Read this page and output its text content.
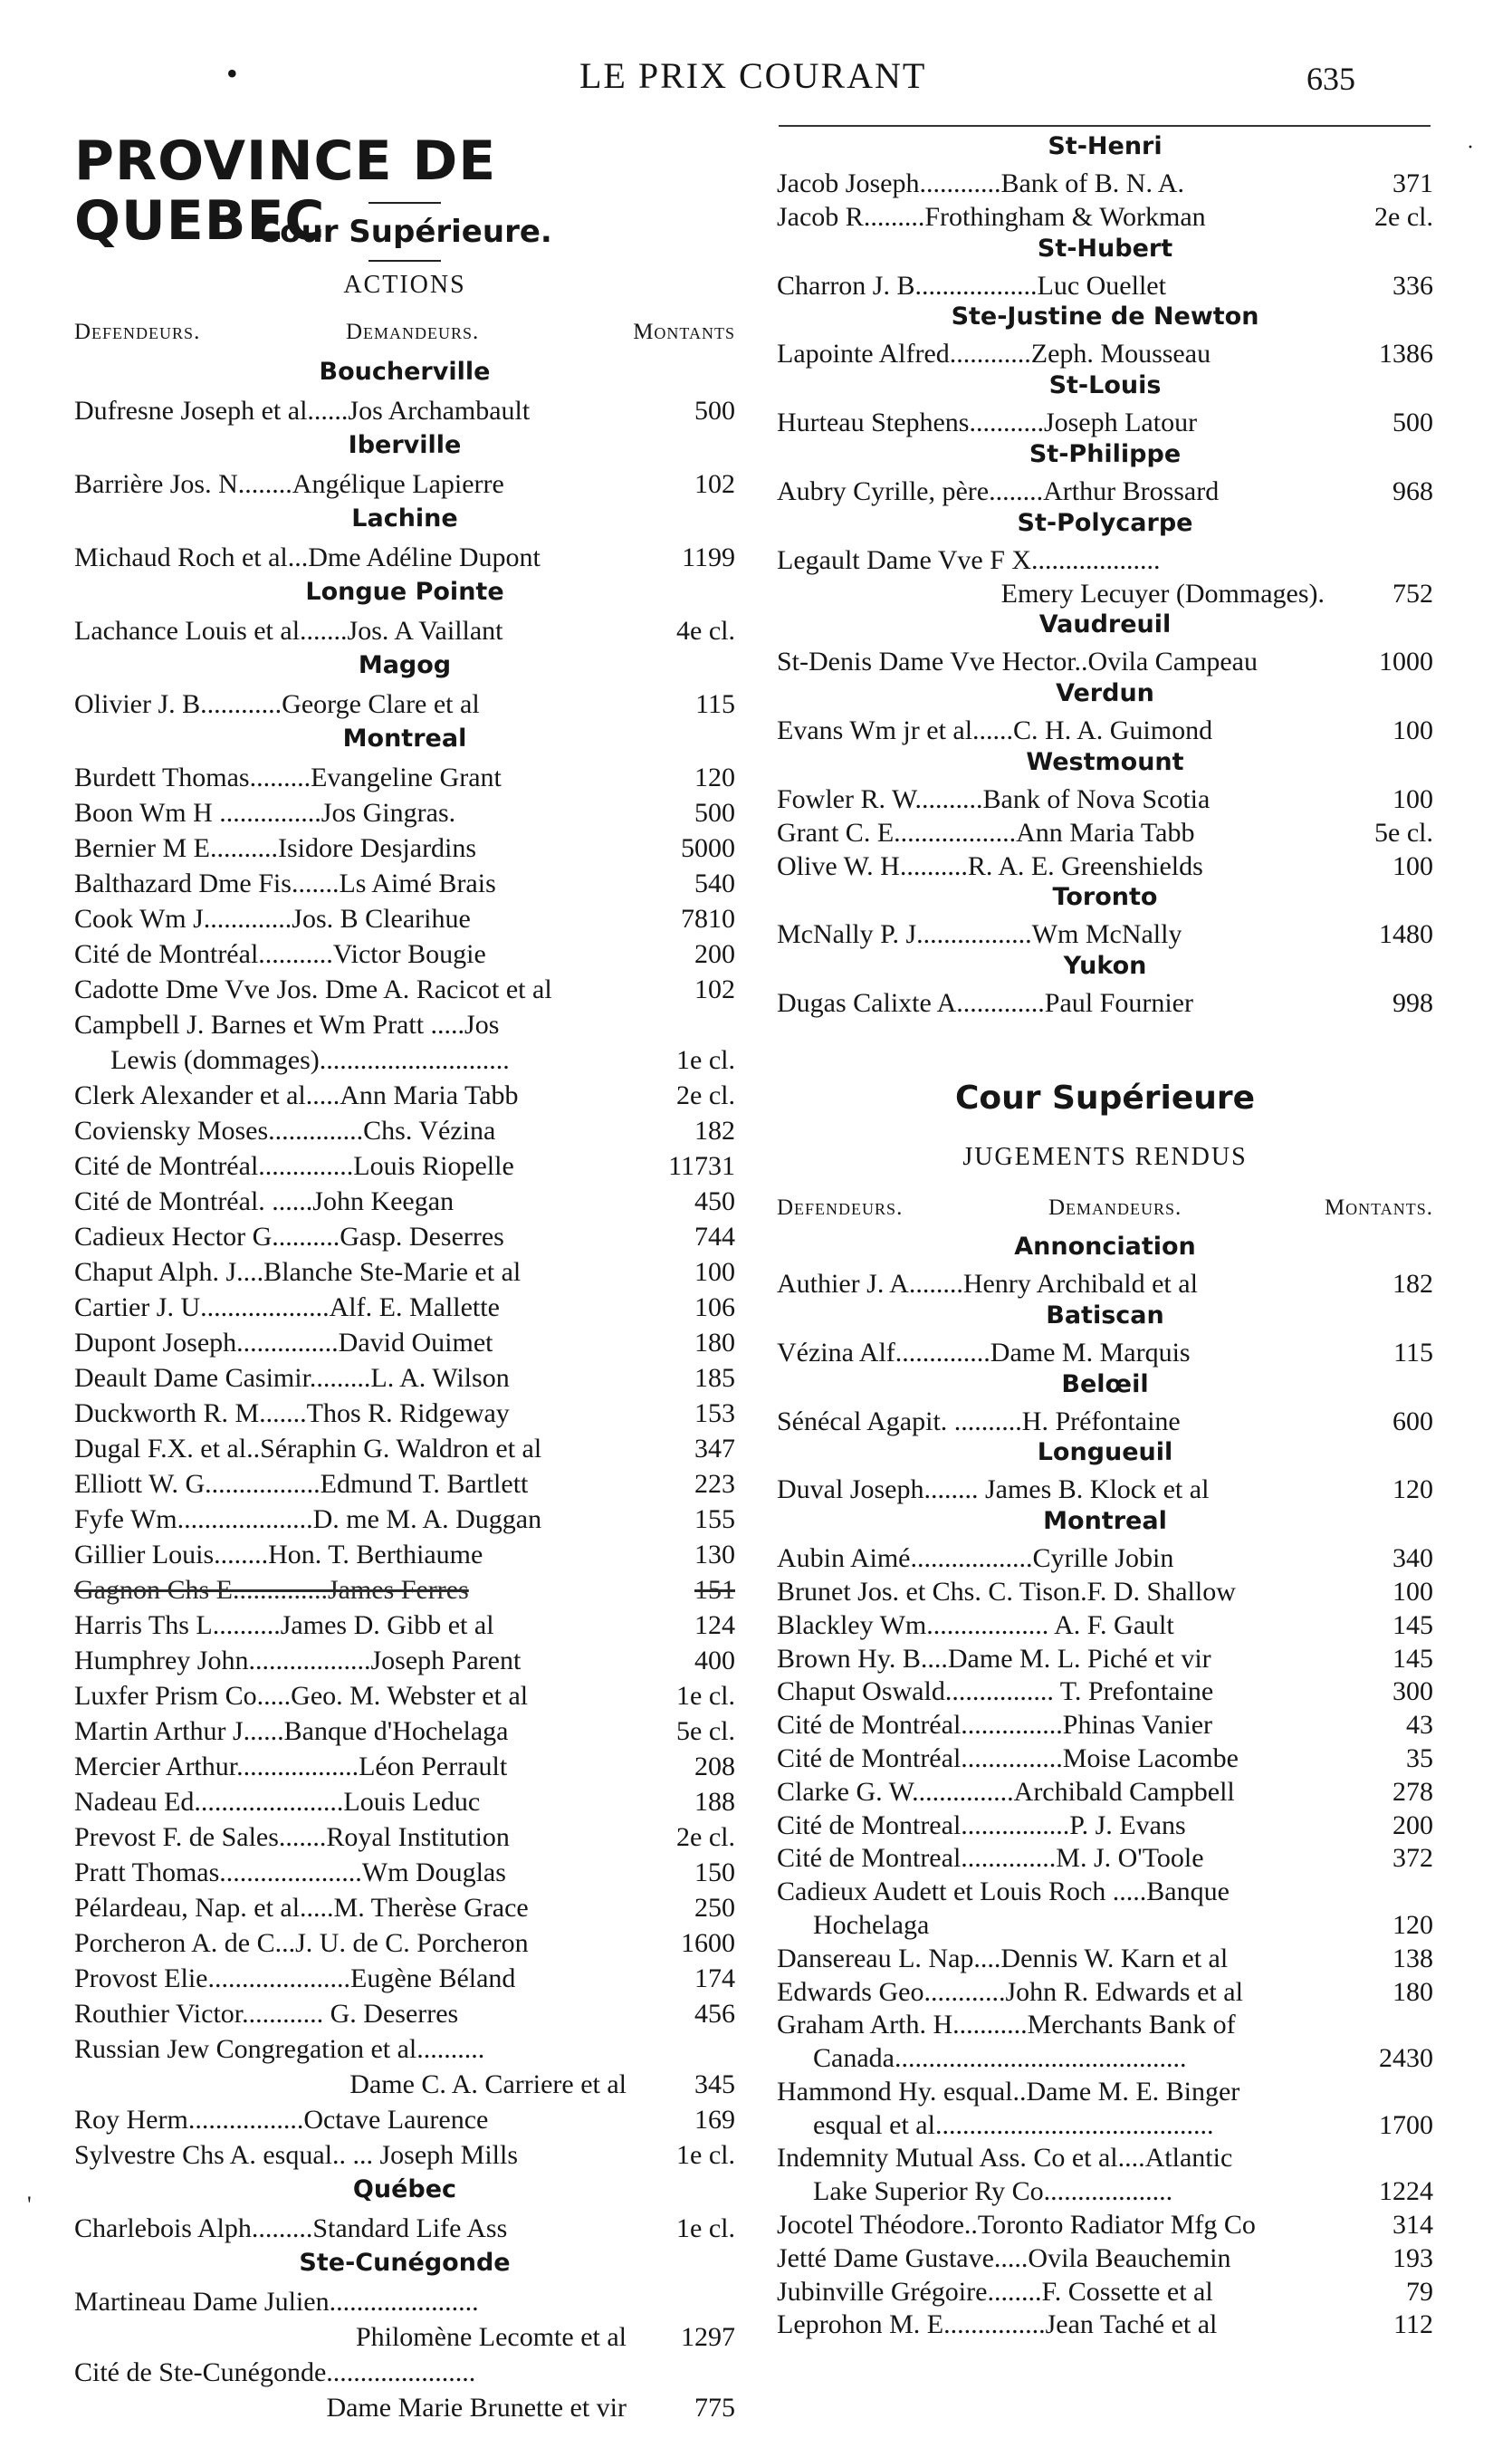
•	LE PRIX COURANT	635
·
PROVINCE DE QUEBEC
Cour Supérieure.
ACTIONS
Defendeurs.	Demandeurs.	Montants
Boucherville
Dufresne Joseph et al......Jos Archambault	500
Iberville
Barrière Jos. N........Angélique Lapierre	102
Lachine
Michaud Roch et al...Dme Adéline Dupont	1199
Longue Pointe
Lachance Louis et al.......Jos. A Vaillant	4e cl.
Magog
Olivier J. B............George Clare et al	115
Montreal
Burdett Thomas.........Evangeline Grant	120
Boon Wm H ...............Jos Gingras.	500
Bernier M E..........Isidore Desjardins	5000
Balthazard Dme Fis.......Ls Aimé Brais	540
Cook Wm J.............Jos. B Clearihue	7810
Cité de Montréal...........Victor Bougie	200
Cadotte Dme Vve Jos. Dme A. Racicot et al	102
Campbell J. Barnes et Wm Pratt .....Jos
Lewis (dommages)............................	1e cl.
Clerk Alexander et al.....Ann Maria Tabb	2e cl.
Coviensky Moses..............Chs. Vézina	182
Cité de Montréal..............Louis Riopelle	11731
Cité de Montréal. ......John Keegan	450
Cadieux Hector G..........Gasp. Deserres	744
Chaput Alph. J....Blanche Ste-Marie et al	100
Cartier J. U...................Alf. E. Mallette	106
Dupont Joseph...............David Ouimet	180
Deault Dame Casimir.........L. A. Wilson	185
Duckworth R. M.......Thos R. Ridgeway	153
Dugal F.X. et al..Séraphin G. Waldron et al	347
Elliott W. G.................Edmund T. Bartlett	223
Fyfe Wm....................D. me M. A. Duggan	155
Gillier Louis........Hon. T. Berthiaume	130
Gagnon Chs E..............James Ferres	151
Harris Ths L..........James D. Gibb et al	124
Humphrey John..................Joseph Parent	400
Luxfer Prism Co.....Geo. M. Webster et al	1e cl.
Martin Arthur J......Banque d'Hochelaga	5e cl.
Mercier Arthur..................Léon Perrault	208
Nadeau Ed......................Louis Leduc	188
Prevost F. de Sales.......Royal Institution	2e cl.
Pratt Thomas.....................Wm Douglas	150
Pélardeau, Nap. et al.....M. Therèse Grace	250
Porcheron A. de C...J. U. de C. Porcheron	1600
Provost Elie.....................Eugène Béland	174
Routhier Victor............ G. Deserres	456
Russian Jew Congregation et al..........
Dame C. A. Carriere et al	345
Roy Herm.................Octave Laurence	169
Sylvestre Chs A. esqual.. ... Joseph Mills	1e cl.
Québec
Charlebois Alph.........Standard Life Ass	1e cl.
Ste-Cunégonde
Martineau Dame Julien......................
Philomène Lecomte et al 1297
Cité de Ste-Cunégonde......................
Dame Marie Brunette et vir	775
St-Henri
Jacob Joseph............Bank of B. N. A.	371
Jacob R.........Frothingham & Workman	2e cl.
St-Hubert
Charron J. B..................Luc Ouellet	336
Ste-Justine de Newton
Lapointe Alfred............Zeph. Mousseau	1386
St-Louis
Hurteau Stephens...........Joseph Latour	500
St-Philippe
Aubry Cyrille, père........Arthur Brossard	968
St-Polycarpe
Legault Dame Vve F X...................
Emery Lecuyer (Dommages).	752
Vaudreuil
St-Denis Dame Vve Hector..Ovila Campeau	1000
Verdun
Evans Wm jr et al......C. H. A. Guimond	100
Westmount
Fowler R. W..........Bank of Nova Scotia	100
Grant C. E..................Ann Maria Tabb	5e cl.
Olive W. H..........R. A. E. Greenshields	100
Toronto
McNally P. J.................Wm McNally	1480
Yukon
Dugas Calixte A.............Paul Fournier	998
Cour Supérieure
JUGEMENTS RENDUS
Defendeurs.	Demandeurs.	Montants.
Annonciation
Authier J. A........Henry Archibald et al	182
Batiscan
Vézina Alf..............Dame M. Marquis	115
Belœil
Sénécal Agapit. ..........H. Préfontaine	600
Longueuil
Duval Joseph........ James B. Klock et al	120
Montreal
Aubin Aimé..................Cyrille Jobin	340
Brunet Jos. et Chs. C. Tison.F. D. Shallow	100
Blackley Wm.................. A. F. Gault	145
Brown Hy. B....Dame M. L. Piché et vir	145
Chaput Oswald................ T. Prefontaine	300
Cité de Montréal...............Phinas Vanier	43
Cité de Montréal...............Moise Lacombe	35
Clarke G. W...............Archibald Campbell	278
Cité de Montreal................P. J. Evans	200
Cité de Montreal..............M. J. O'Toole	372
Cadieux Audett et Louis Roch .....Banque
Hochelaga	120
Dansereau L. Nap....Dennis W. Karn et al	138
Edwards Geo............John R. Edwards et al	180
Graham Arth. H...........Merchants Bank of
Canada...........................................	2430
Hammond Hy. esqual..Dame M. E. Binger
esqual et al.........................................	1700
Indemnity Mutual Ass. Co et al....Atlantic
Lake Superior Ry Co...................	1224
Jocotel Théodore..Toronto Radiator Mfg Co	314
Jetté Dame Gustave.....Ovila Beauchemin	193
Jubinville Grégoire........F. Cossette et al	79
Leprohon M. E...............Jean Taché et al	112
'
